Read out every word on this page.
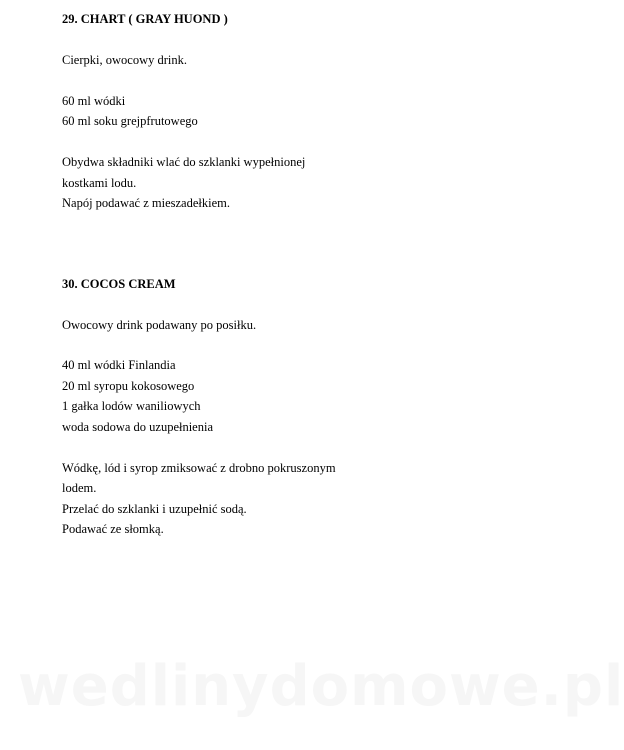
29. CHART ( GRAY HUOND )
Cierpki, owocowy drink.
60 ml wódki
60 ml soku grejpfrutowego
Obydwa składniki wlać do szklanki wypełnionej
kostkami lodu.
Napój podawać z mieszadełkiem.
30. COCOS CREAM
Owocowy drink podawany po posiłku.
40 ml wódki Finlandia
20 ml syropu kokosowego
1 gałka lodów waniliowych
woda sodowa do uzupełnienia
Wódkę, lód i syrop zmiksować z drobno pokruszonym
lodem.
Przelać do szklanki i uzupełnić sodą.
Podawać ze słomką.
wedlinydomowe.pl
